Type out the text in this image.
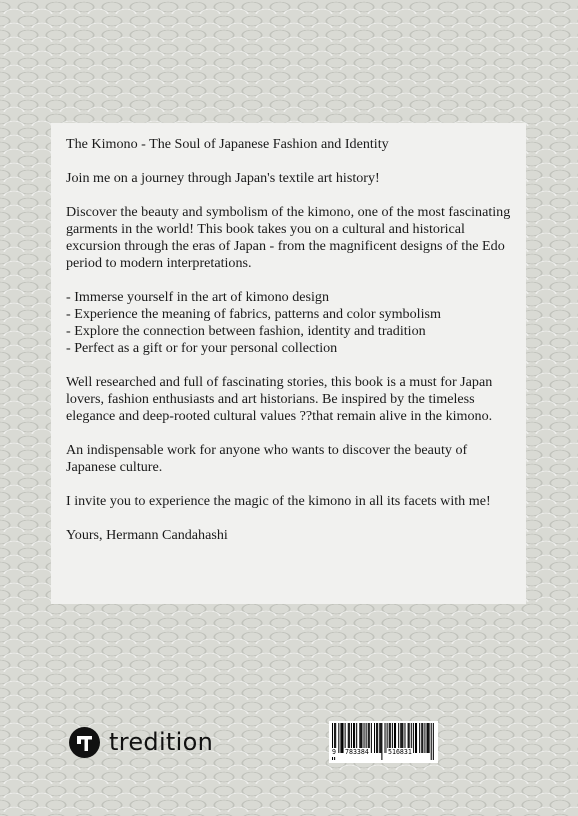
The Kimono - The Soul of Japanese Fashion and Identity

Join me on a journey through Japan's textile art history!

Discover the beauty and symbolism of the kimono, one of the most fascinating garments in the world! This book takes you on a cultural and historical excursion through the eras of Japan - from the magnificent designs of the Edo period to modern interpretations.

- Immerse yourself in the art of kimono design
- Experience the meaning of fabrics, patterns and color symbolism
- Explore the connection between fashion, identity and tradition
- Perfect as a gift or for your personal collection

Well researched and full of fascinating stories, this book is a must for Japan lovers, fashion enthusiasts and art historians. Be inspired by the timeless elegance and deep-rooted cultural values ??that remain alive in the kimono.

An indispensable work for anyone who wants to discover the beauty of Japanese culture.

I invite you to experience the magic of the kimono in all its facets with me!

Yours, Hermann Candahashi

tredition	9 783384	516831
